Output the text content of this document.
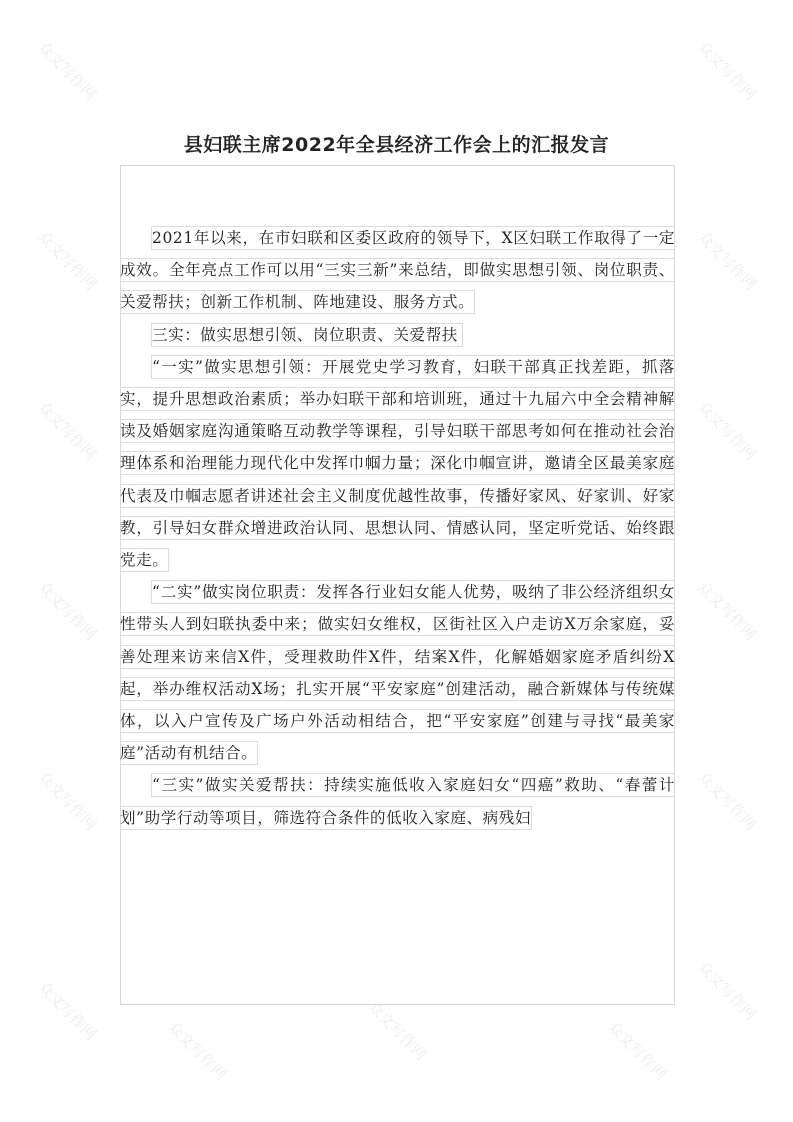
县妇联主席2022年全县经济工作会上的汇报发言

2021年以来，在市妇联和区委区政府的领导下，X区妇联工作取得了一定成效。全年亮点工作可以用“三实三新”来总结，即做实思想引领、岗位职责、关爱帮扶；创新工作机制、阵地建设、服务方式。

三实：做实思想引领、岗位职责、关爱帮扶

“一实”做实思想引领：开展党史学习教育，妇联干部真正找差距，抓落实，提升思想政治素质；举办妇联干部和培训班，通过十九届六中全会精神解读及婚姻家庭沟通策略互动教学等课程，引导妇联干部思考如何在推动社会治理体系和治理能力现代化中发挥巾帼力量；深化巾帼宣讲，邀请全区最美家庭代表及巾帼志愿者讲述社会主义制度优越性故事，传播好家风、好家训、好家教，引导妇女群众增进政治认同、思想认同、情感认同，坚定听党话、始终跟党走。

“二实”做实岗位职责：发挥各行业妇女能人优势，吸纳了非公经济组织女性带头人到妇联执委中来；做实妇女维权，区街社区入户走访X万余家庭，妥善处理来访来信X件，受理救助件X件，结案X件，化解婚姻家庭矛盾纠纷X起，举办维权活动X场；扎实开展“平安家庭”创建活动，融合新媒体与传统媒体，以入户宣传及广场户外活动相结合，把“平安家庭”创建与寻找“最美家庭”活动有机结合。

“三实”做实关爱帮扶：持续实施低收入家庭妇女“四癌”救助、“春蕾计划”助学行动等项目，筛选符合条件的低收入家庭、病残妇

众文写作网
众文写作网
众文写作网
众文写作网
众文写作网
众文写作网
众文写作网
众文写作网
众文写作网
众文写作网
众文写作网
众文写作网	众文写作网	众文写作网
众文写作网
